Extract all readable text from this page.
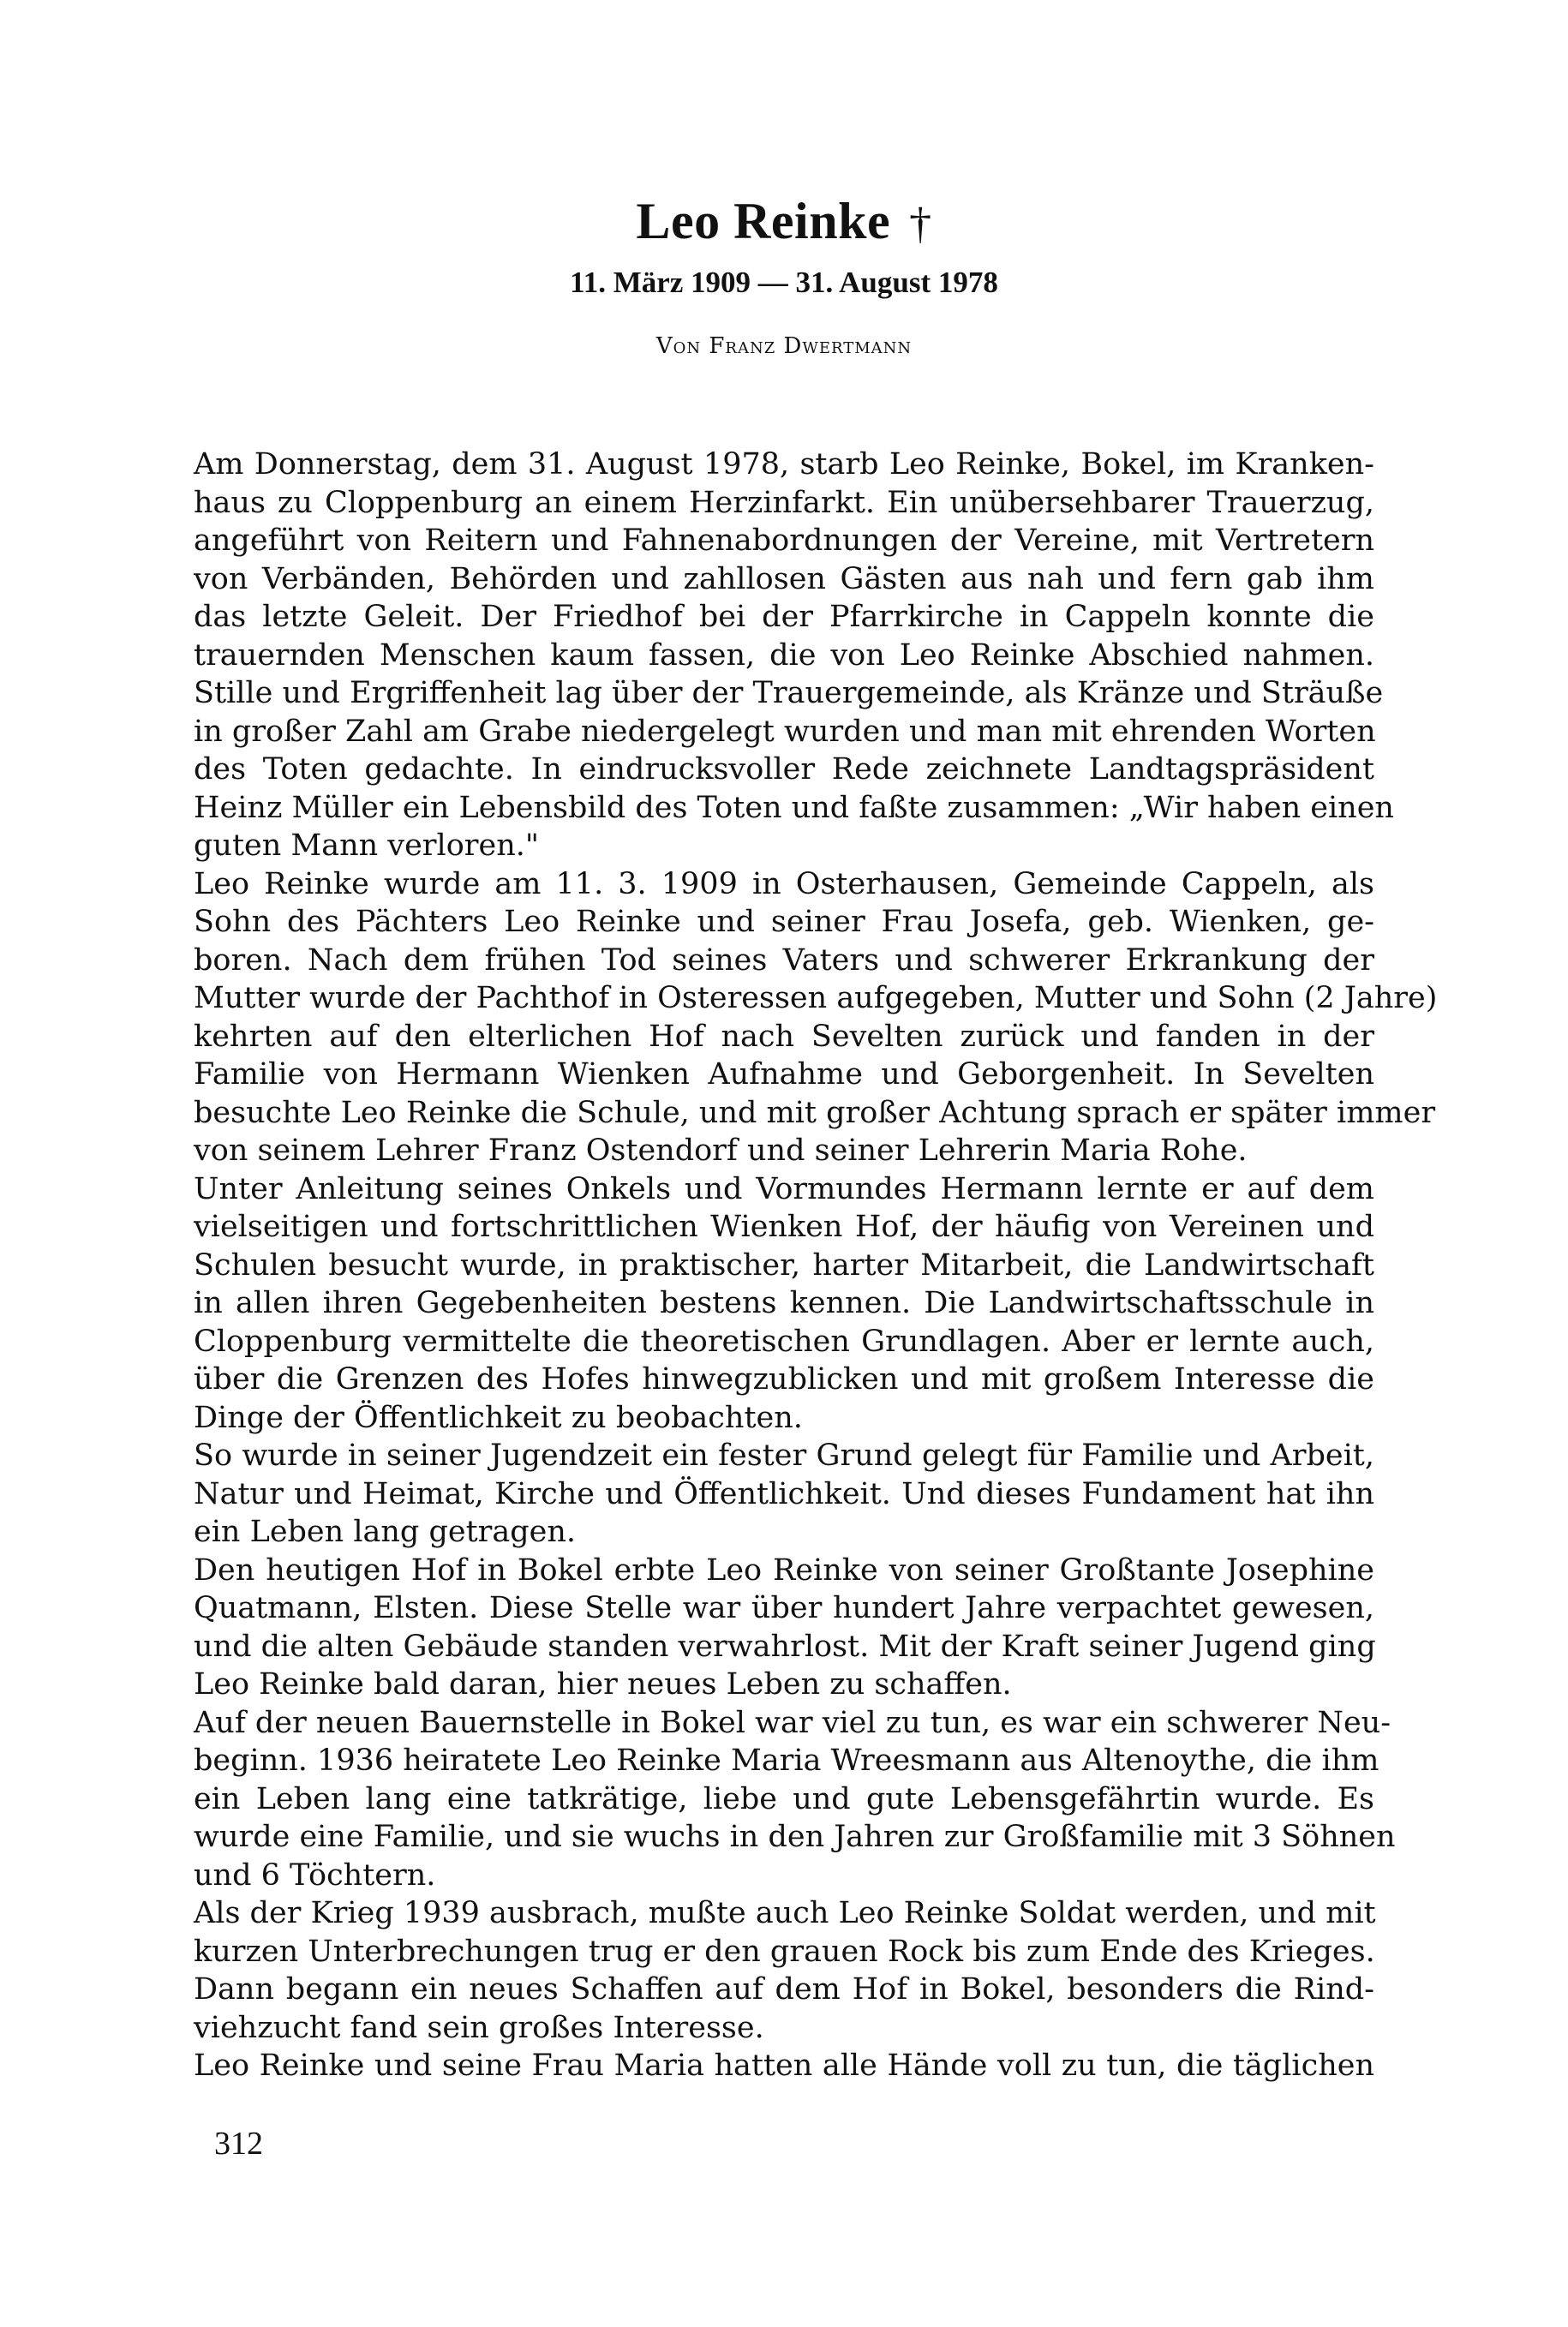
Leo Reinke †
11. März 1909 — 31. August 1978
Von Franz Dwertmann
Am Donnerstag, dem 31. August 1978, starb Leo Reinke, Bokel, im Kranken-
haus zu Cloppenburg an einem Herzinfarkt. Ein unübersehbarer Trauerzug,
angeführt von Reitern und Fahnenabordnungen der Vereine, mit Vertretern
von Verbänden, Behörden und zahllosen Gästen aus nah und fern gab ihm
das letzte Geleit. Der Friedhof bei der Pfarrkirche in Cappeln konnte die
trauernden Menschen kaum fassen, die von Leo Reinke Abschied nahmen.
Stille und Ergriffenheit lag über der Trauergemeinde, als Kränze und Sträuße
in großer Zahl am Grabe niedergelegt wurden und man mit ehrenden Worten
des Toten gedachte. In eindrucksvoller Rede zeichnete Landtagspräsident
Heinz Müller ein Lebensbild des Toten und faßte zusammen: „Wir haben einen
guten Mann verloren."
Leo Reinke wurde am 11. 3. 1909 in Osterhausen, Gemeinde Cappeln, als
Sohn des Pächters Leo Reinke und seiner Frau Josefa, geb. Wienken, ge-
boren. Nach dem frühen Tod seines Vaters und schwerer Erkrankung der
Mutter wurde der Pachthof in Osteressen aufgegeben, Mutter und Sohn (2 Jahre)
kehrten auf den elterlichen Hof nach Sevelten zurück und fanden in der
Familie von Hermann Wienken Aufnahme und Geborgenheit. In Sevelten
besuchte Leo Reinke die Schule, und mit großer Achtung sprach er später immer
von seinem Lehrer Franz Ostendorf und seiner Lehrerin Maria Rohe.
Unter Anleitung seines Onkels und Vormundes Hermann lernte er auf dem
vielseitigen und fortschrittlichen Wienken Hof, der häufig von Vereinen und
Schulen besucht wurde, in praktischer, harter Mitarbeit, die Landwirtschaft
in allen ihren Gegebenheiten bestens kennen. Die Landwirtschaftsschule in
Cloppenburg vermittelte die theoretischen Grundlagen. Aber er lernte auch,
über die Grenzen des Hofes hinwegzublicken und mit großem Interesse die
Dinge der Öffentlichkeit zu beobachten.
So wurde in seiner Jugendzeit ein fester Grund gelegt für Familie und Arbeit,
Natur und Heimat, Kirche und Öffentlichkeit. Und dieses Fundament hat ihn
ein Leben lang getragen.
Den heutigen Hof in Bokel erbte Leo Reinke von seiner Großtante Josephine
Quatmann, Elsten. Diese Stelle war über hundert Jahre verpachtet gewesen,
und die alten Gebäude standen verwahrlost. Mit der Kraft seiner Jugend ging
Leo Reinke bald daran, hier neues Leben zu schaffen.
Auf der neuen Bauernstelle in Bokel war viel zu tun, es war ein schwerer Neu-
beginn. 1936 heiratete Leo Reinke Maria Wreesmann aus Altenoythe, die ihm
ein Leben lang eine tatkrätige, liebe und gute Lebensgefährtin wurde. Es
wurde eine Familie, und sie wuchs in den Jahren zur Großfamilie mit 3 Söhnen
und 6 Töchtern.
Als der Krieg 1939 ausbrach, mußte auch Leo Reinke Soldat werden, und mit
kurzen Unterbrechungen trug er den grauen Rock bis zum Ende des Krieges.
Dann begann ein neues Schaffen auf dem Hof in Bokel, besonders die Rind-
viehzucht fand sein großes Interesse.
Leo Reinke und seine Frau Maria hatten alle Hände voll zu tun, die täglichen
312
